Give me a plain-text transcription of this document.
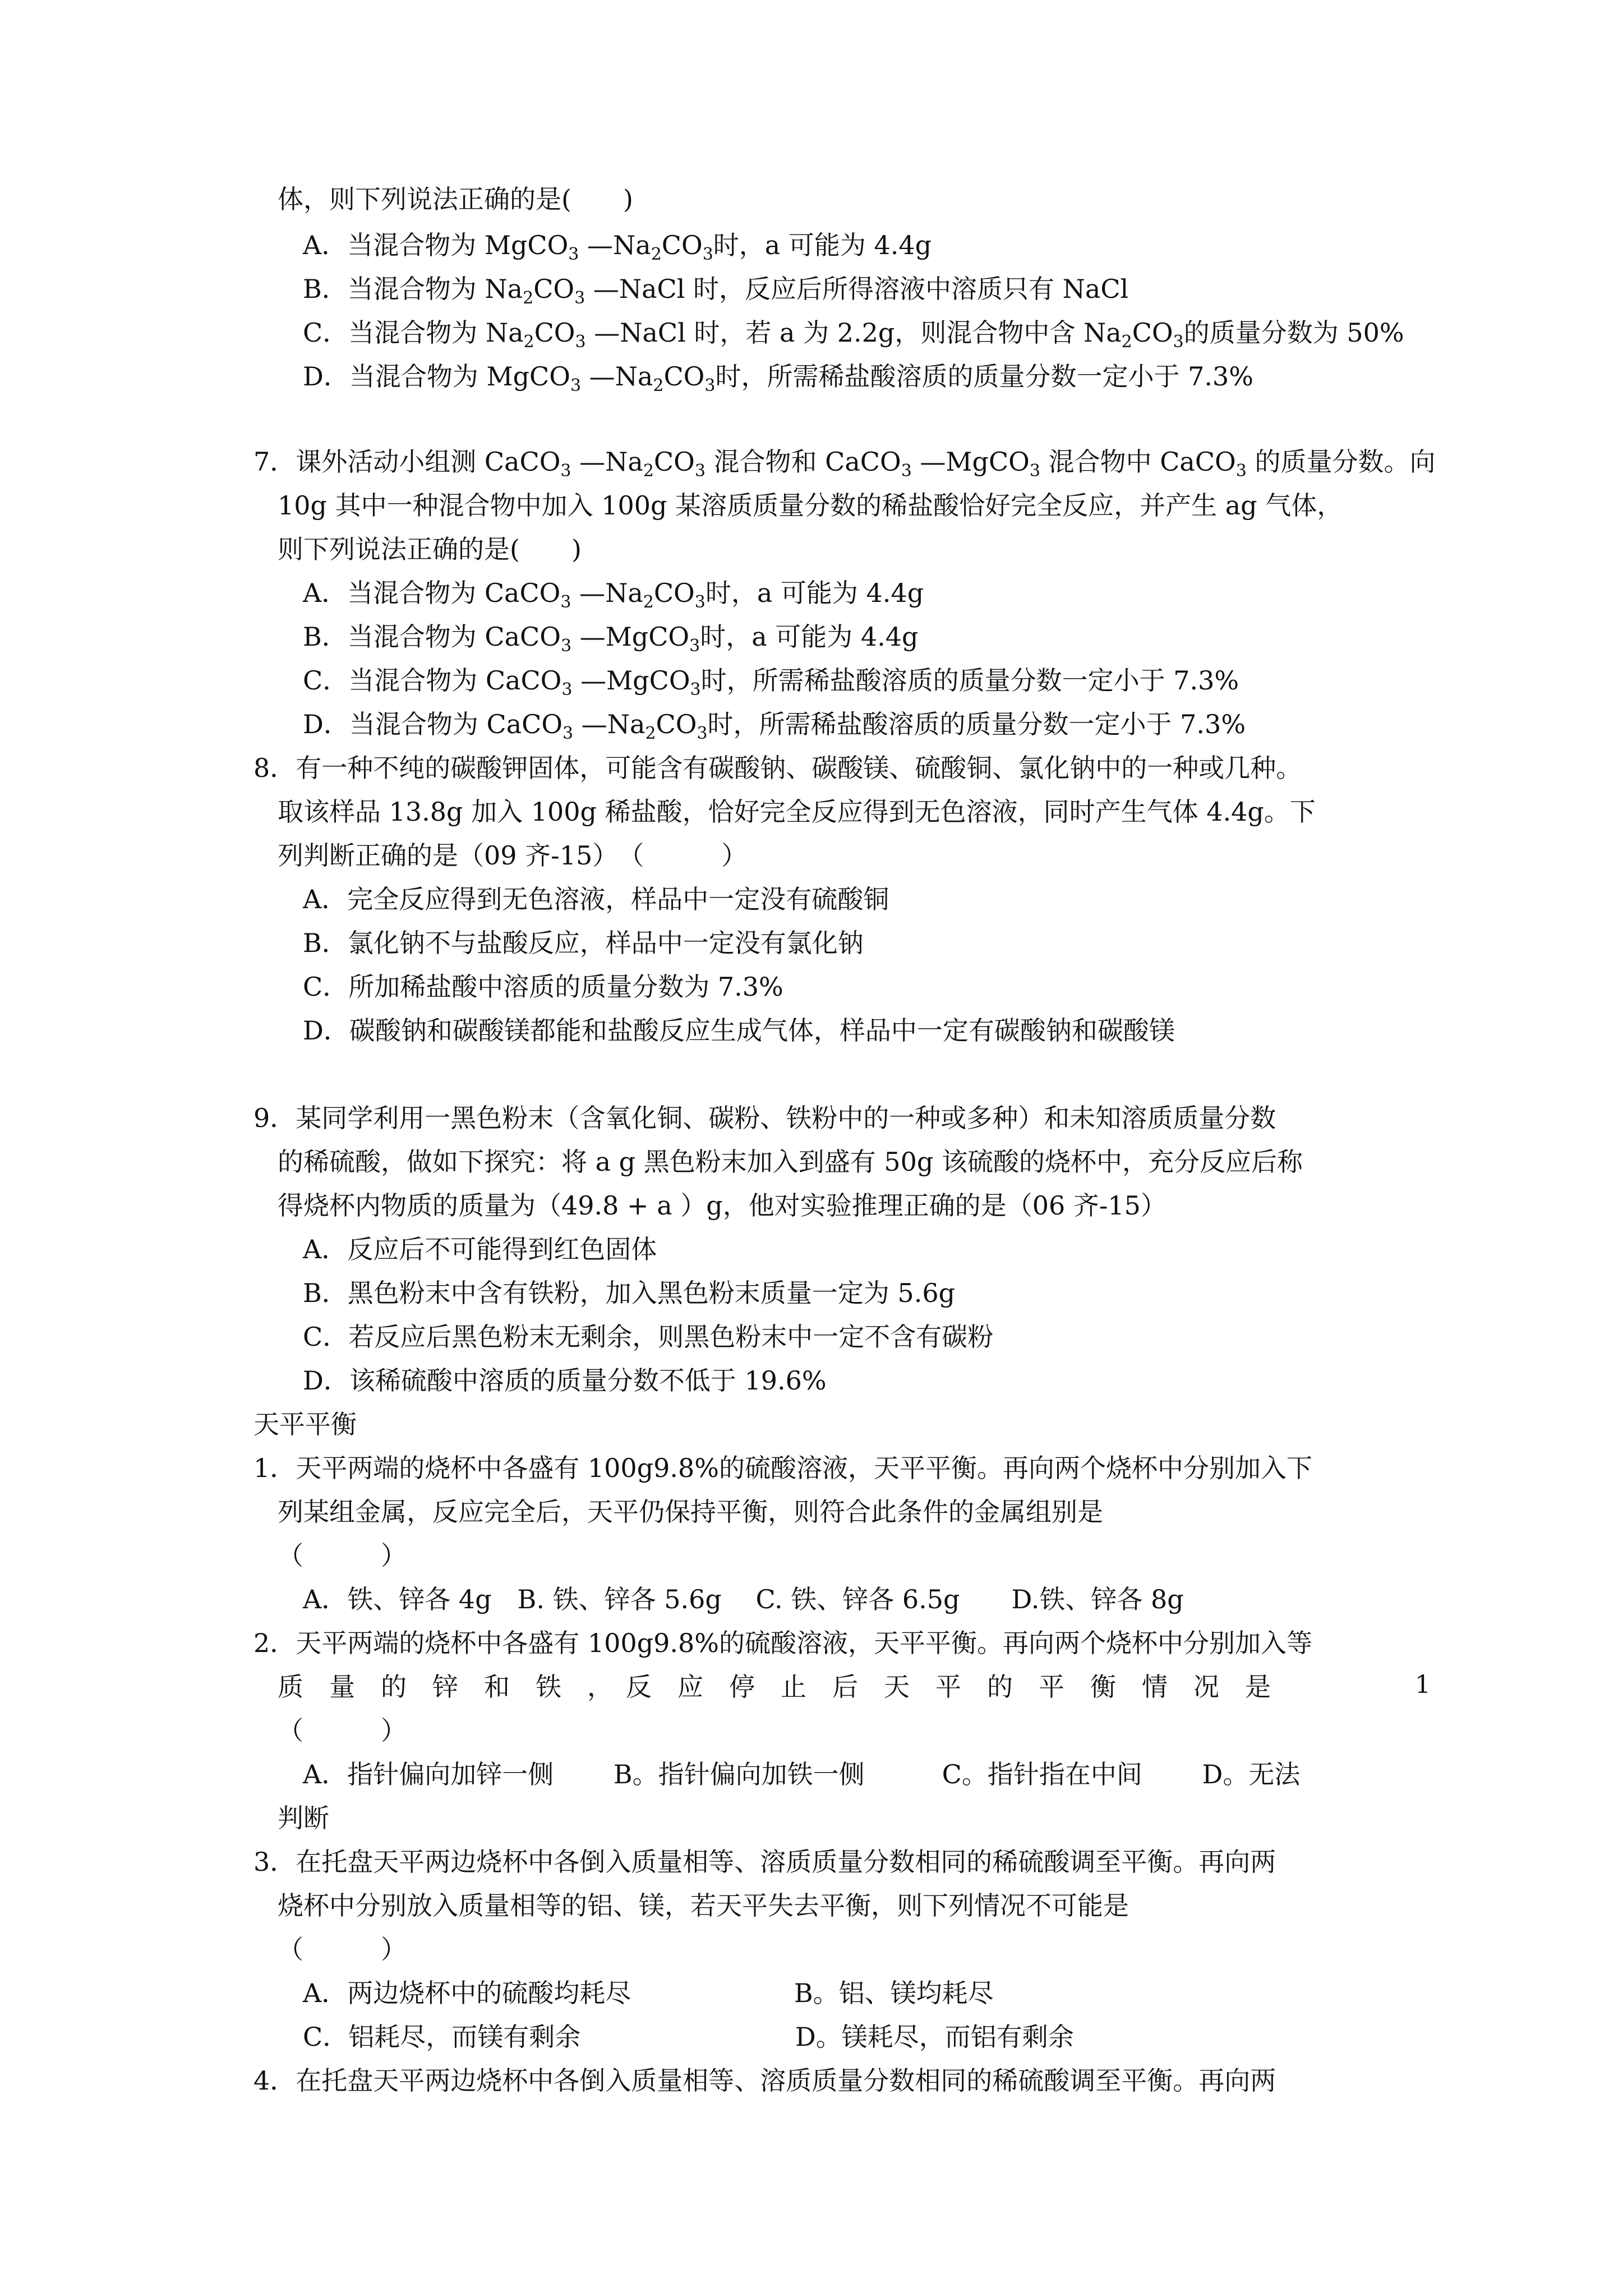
体，则下列说法正确的是(　　)
A．当混合物为 MgCO$_3$ $—Na_2CO_3$时，a 可能为 4.4g
B．当混合物为 $Na_2CO_3$ —NaCl 时，反应后所得溶液中溶质只有 NaCl
C．当混合物为 $Na_2CO_3$ —NaCl 时，若 a 为 2.2g，则混合物中含 $Na_2CO_3$的质量分数为 50%
D．当混合物为 MgCO$_3$ $—Na_2CO_3$时，所需稀盐酸溶质的质量分数一定小于 7.3%
7．课外活动小组测 CaCO$_3$ $—Na_2CO_3$ 混合物和 CaCO$_3$ —MgCO$_3$ 混合物中 CaCO$_3$ 的质量分数。向
10g 其中一种混合物中加入 100g 某溶质质量分数的稀盐酸恰好完全反应，并产生 ag 气体，
则下列说法正确的是(　　)
A．当混合物为 CaCO$_3$ $—Na_2CO_3$时，a 可能为 4.4g
B．当混合物为 CaCO$_3$ —MgCO$_3$时，a 可能为 4.4g
C．当混合物为 CaCO$_3$ —MgCO$_3$时，所需稀盐酸溶质的质量分数一定小于 7.3%
D．当混合物为 CaCO$_3$ $—Na_2CO_3$时，所需稀盐酸溶质的质量分数一定小于 7.3%
8．有一种不纯的碳酸钾固体，可能含有碳酸钠、碳酸镁、硫酸铜、氯化钠中的一种或几种。
取该样品 13.8g 加入 100g 稀盐酸，恰好完全反应得到无色溶液，同时产生气体 4.4g。下
列判断正确的是（09 齐-15）　（　　　）
A．完全反应得到无色溶液，样品中一定没有硫酸铜
B．氯化钠不与盐酸反应，样品中一定没有氯化钠
C．所加稀盐酸中溶质的质量分数为 7.3%
D．碳酸钠和碳酸镁都能和盐酸反应生成气体，样品中一定有碳酸钠和碳酸镁
9．某同学利用一黑色粉末（含氧化铜、碳粉、铁粉中的一种或多种）和未知溶质质量分数
的稀硫酸，做如下探究：将 a g 黑色粉末加入到盛有 50g 该硫酸的烧杯中，充分反应后称
得烧杯内物质的质量为（49.8 + a ）g，他对实验推理正确的是（06 齐-15）
A．反应后不可能得到红色固体
B．黑色粉末中含有铁粉，加入黑色粉末质量一定为 5.6g
C．若反应后黑色粉末无剩余，则黑色粉末中一定不含有碳粉
D．该稀硫酸中溶质的质量分数不低于 19.6%
天平平衡
1．天平两端的烧杯中各盛有 100g9.8%的硫酸溶液，天平平衡。再向两个烧杯中分别加入下
列某组金属，反应完全后，天平仍保持平衡，则符合此条件的金属组别是
（　　　）
A．铁、锌各 4g　B. 铁、锌各 5.6g　 C. 铁、锌各 6.5g　　D.铁、锌各 8g
2．天平两端的烧杯中各盛有 100g9.8%的硫酸溶液，天平平衡。再向两个烧杯中分别加入等
质　量　的　锌　和　铁　，　反　应　停　止　后　天　平　的　平　衡　情　况　是
（　　　）
A．指针偏向加锌一侧　　 B。指针偏向加铁一侧　　　C。指针指在中间　　 D。无法
判断
3．在托盘天平两边烧杯中各倒入质量相等、溶质质量分数相同的稀硫酸调至平衡。再向两
烧杯中分别放入质量相等的铝、镁，若天平失去平衡，则下列情况不可能是
（　　　）
A．两边烧杯中的硫酸均耗尽　　　　　　 B。铝、镁均耗尽
C．铝耗尽，而镁有剩余　　　　　　　　 D。镁耗尽，而铝有剩余
4．在托盘天平两边烧杯中各倒入质量相等、溶质质量分数相同的稀硫酸调至平衡。再向两
1
